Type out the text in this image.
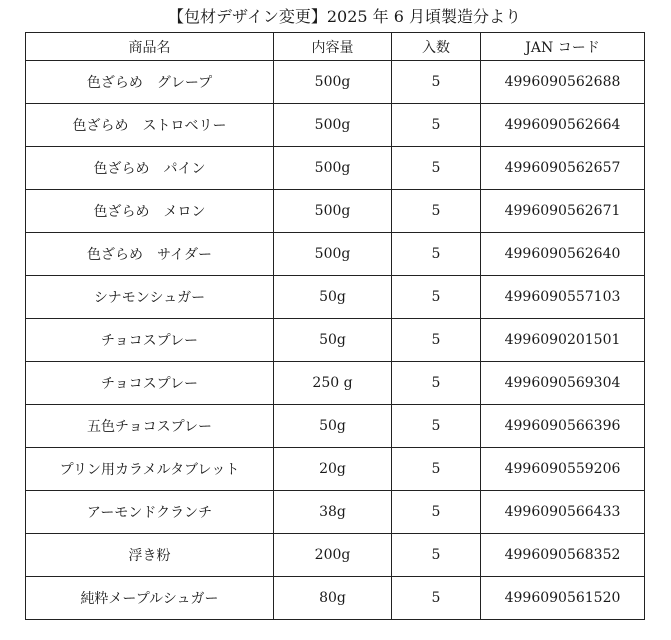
【包材デザイン変更】2025 年 6 月頃製造分より
商品名	内容量	入数	JAN コード
色ざらめ　グレープ	500g	5	4996090562688
色ざらめ　ストロベリー	500g	5	4996090562664
色ざらめ　パイン	500g	5	4996090562657
色ざらめ　メロン	500g	5	4996090562671
色ざらめ　サイダー	500g	5	4996090562640
シナモンシュガー	50g	5	4996090557103
チョコスプレー	50g	5	4996090201501
チョコスプレー	250 g	5	4996090569304
五色チョコスプレー	50g	5	4996090566396
プリン用カラメルタブレット	20g	5	4996090559206
アーモンドクランチ	38g	5	4996090566433
浮き粉	200g	5	4996090568352
純粋メープルシュガー	80g	5	4996090561520
